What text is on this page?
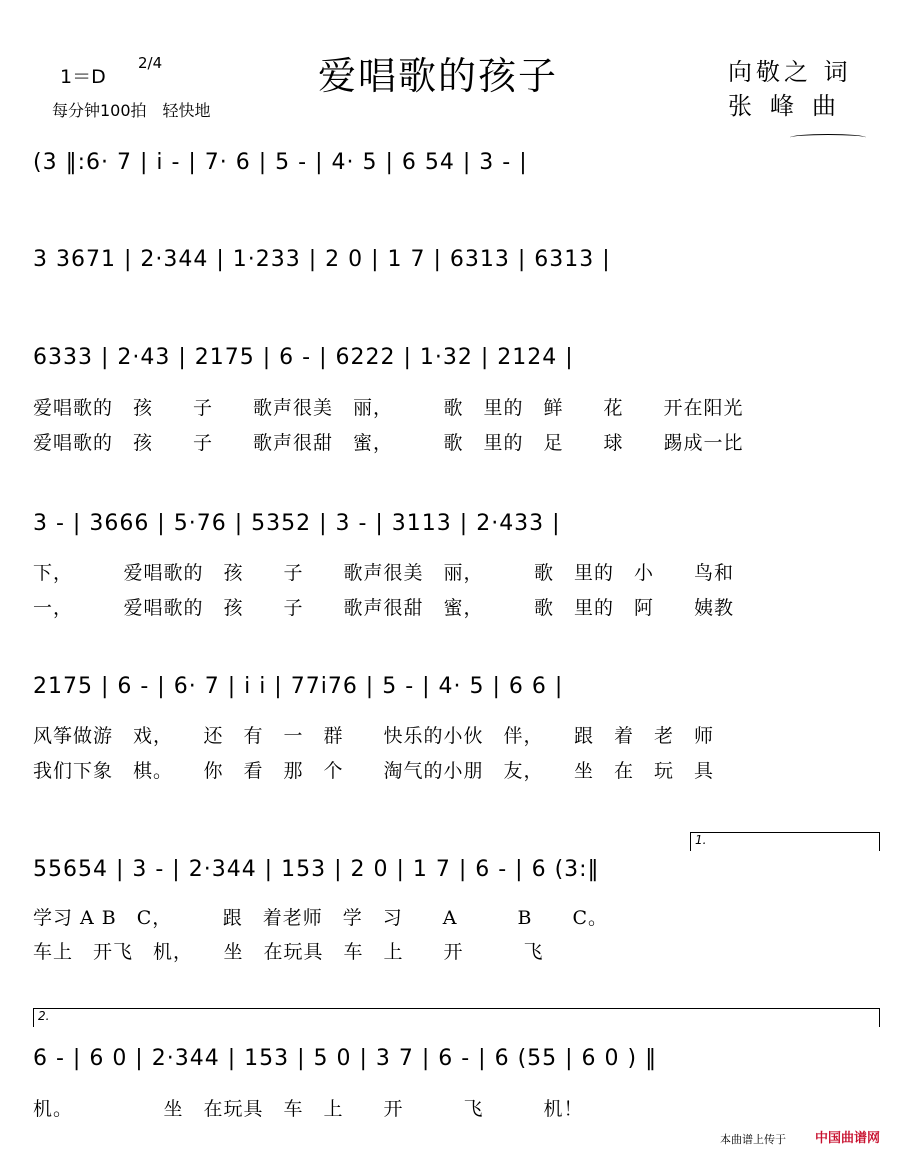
1＝D
2/4
每分钟100拍　轻快地
爱唱歌的孩子	向敬之 词
张峰曲
(3 ‖:6· 7 | i - | 7· 6 | 5 - | 4· 5 | 6 54 | 3 - |
3 3671 | 2·344 | 1·233 | 2 0 | 1 7 | 6313 | 6313 |
6333 | 2·43 | 2175 | 6 - | 6222 | 1·32 | 2124 |
爱唱歌的　孩　　子　　歌声很美　丽，　　　歌　里的　鲜　　花　　开在阳光
爱唱歌的　孩　　子　　歌声很甜　蜜，　　　歌　里的　足　　球　　踢成一比
3 - | 3666 | 5·76 | 5352 | 3 - | 3113 | 2·433 |
下，　　　爱唱歌的　孩　　子　　歌声很美　丽，　　　歌　里的　小　　鸟和
一，　　　爱唱歌的　孩　　子　　歌声很甜　蜜，　　　歌　里的　阿　　姨教
2175 | 6 - | 6· 7 | i i | 77i76 | 5 - | 4· 5 | 6 6 |
风筝做游　戏，　　还　有　一　群　　快乐的小伙　伴，　　跟　着　老　师
我们下象　棋。　　你　看　那　个　　淘气的小朋　友，　　坐　在　玩　具
1.
55654 | 3 - | 2·344 | 153 | 2 0 | 1 7 | 6 - | 6 (3:‖
学习 A B　C，　　　跟　着老师　学　习　　A　　　B　　C。
车上　开飞　机，　　坐　在玩具　车　上　　开　　　飞
2.
6 - | 6 0 | 2·344 | 153 | 5 0 | 3 7 | 6 - | 6 (55 | 6 0 ) ‖
机。　　　　　坐　在玩具　车　上　　开　　　飞　　　机！
本曲谱上传于 中国曲谱网
